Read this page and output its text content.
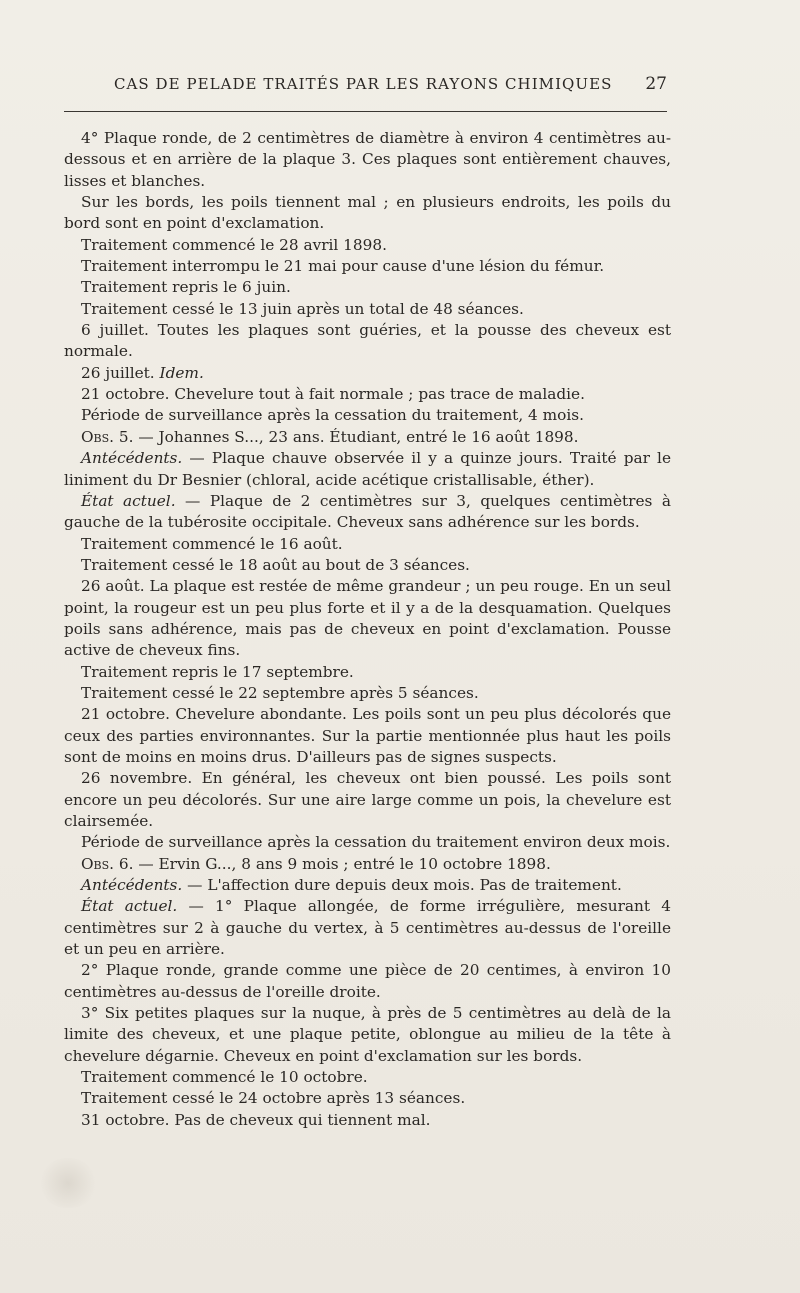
CAS DE PELADE TRAITÉS PAR LES RAYONS CHIMIQUES 27

4° Plaque ronde, de 2 centimètres de diamètre à environ 4 centimètres au-dessous et en arrière de la plaque 3. Ces plaques sont entièrement chauves, lisses et blanches.

Sur les bords, les poils tiennent mal ; en plusieurs endroits, les poils du bord sont en point d'exclamation.

Traitement commencé le 28 avril 1898.

Traitement interrompu le 21 mai pour cause d'une lésion du fémur.

Traitement repris le 6 juin.

Traitement cessé le 13 juin après un total de 48 séances.

6 juillet. Toutes les plaques sont guéries, et la pousse des cheveux est normale.

26 juillet. Idem.

21 octobre. Chevelure tout à fait normale ; pas trace de maladie.

Période de surveillance après la cessation du traitement, 4 mois.

Obs. 5. — Johannes S..., 23 ans. Étudiant, entré le 16 août 1898.

Antécédents. — Plaque chauve observée il y a quinze jours. Traité par le liniment du Dr Besnier (chloral, acide acétique cristallisable, éther).

État actuel. — Plaque de 2 centimètres sur 3, quelques centimètres à gauche de la tubérosite occipitale. Cheveux sans adhérence sur les bords.

Traitement commencé le 16 août.

Traitement cessé le 18 août au bout de 3 séances.

26 août. La plaque est restée de même grandeur ; un peu rouge. En un seul point, la rougeur est un peu plus forte et il y a de la desquamation. Quelques poils sans adhérence, mais pas de cheveux en point d'exclamation. Pousse active de cheveux fins.

Traitement repris le 17 septembre.

Traitement cessé le 22 septembre après 5 séances.

21 octobre. Chevelure abondante. Les poils sont un peu plus décolorés que ceux des parties environnantes. Sur la partie mentionnée plus haut les poils sont de moins en moins drus. D'ailleurs pas de signes suspects.

26 novembre. En général, les cheveux ont bien poussé. Les poils sont encore un peu décolorés. Sur une aire large comme un pois, la chevelure est clairsemée.

Période de surveillance après la cessation du traitement environ deux mois.

Obs. 6. — Ervin G..., 8 ans 9 mois ; entré le 10 octobre 1898.

Antécédents. — L'affection dure depuis deux mois. Pas de traitement.

État actuel. — 1° Plaque allongée, de forme irrégulière, mesurant 4 centimètres sur 2 à gauche du vertex, à 5 centimètres au-dessus de l'oreille et un peu en arrière.

2° Plaque ronde, grande comme une pièce de 20 centimes, à environ 10 centimètres au-dessus de l'oreille droite.

3° Six petites plaques sur la nuque, à près de 5 centimètres au delà de la limite des cheveux, et une plaque petite, oblongue au milieu de la tête à chevelure dégarnie. Cheveux en point d'exclamation sur les bords.

Traitement commencé le 10 octobre.

Traitement cessé le 24 octobre après 13 séances.

31 octobre. Pas de cheveux qui tiennent mal.
